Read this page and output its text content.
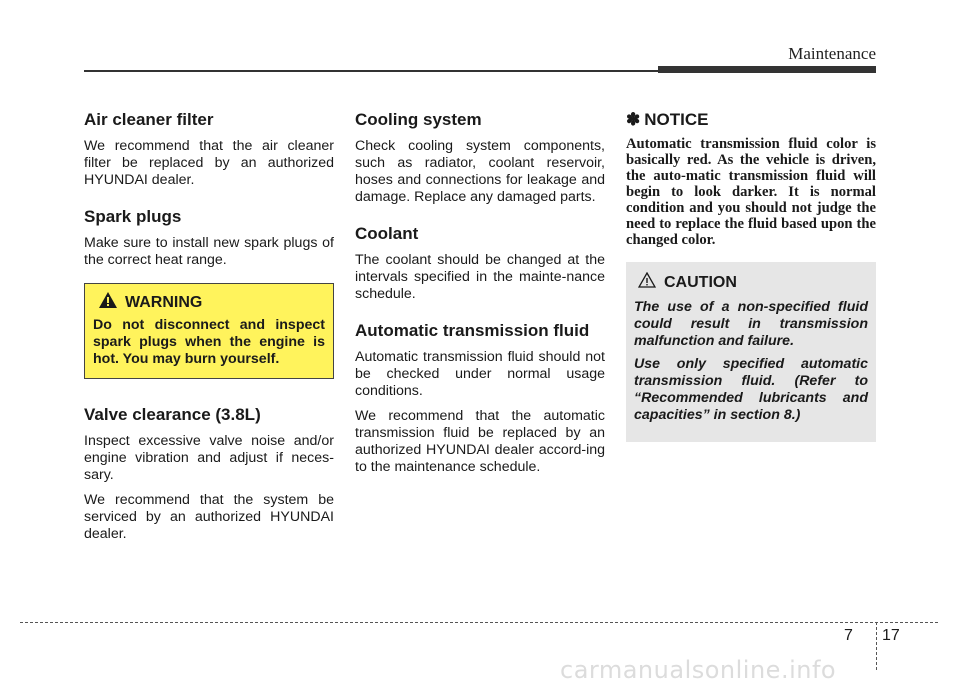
Maintenance
Air cleaner filter

We recommend that the air cleaner filter be replaced by an authorized HYUNDAI dealer.

Spark plugs

Make sure to install new spark plugs of the correct heat range.

WARNING
Do not disconnect and inspect spark plugs when the engine is hot. You may burn yourself.
Valve clearance (3.8L)

Inspect excessive valve noise and/or engine vibration and adjust if neces-sary.

We recommend that the system be serviced by an authorized HYUNDAI dealer.

Cooling system

Check cooling system components, such as radiator, coolant reservoir, hoses and connections for leakage and damage. Replace any damaged parts.

Coolant

The coolant should be changed at the intervals specified in the mainte-nance schedule.

Automatic transmission fluid

Automatic transmission fluid should not be checked under normal usage conditions.

We recommend that the automatic transmission fluid be replaced by an authorized HYUNDAI dealer accord-ing to the maintenance schedule.

✽ NOTICE

Automatic transmission fluid color is basically red. As the vehicle is driven, the auto-matic transmission fluid will begin to look darker. It is normal condition and you should not judge the need to replace the fluid based upon the changed color.

CAUTION

The use of a non-specified fluid could result in transmission malfunction and failure.

Use only specified automatic transmission fluid. (Refer to “Recommended lubricants and capacities” in section 8.)

7 17
carmanualsonline.info
